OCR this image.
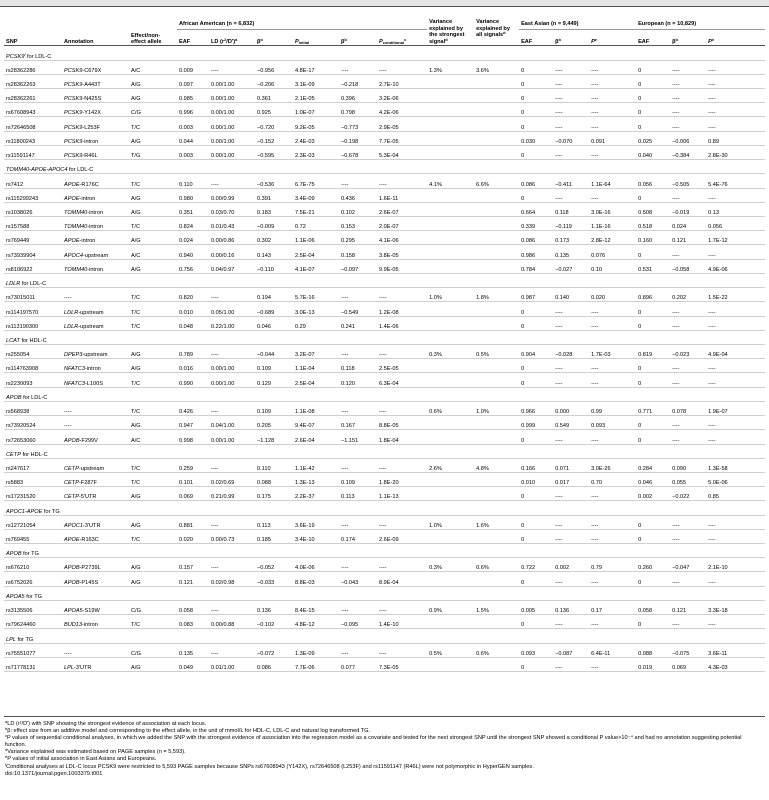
			African American (n = 6,832)						Variance explained by the strongest signal$^d$	Variance explained by all signals$^d$	East Asian (n = 9,449)			European (n = 10,829)		
SNP	Annotation	Effect/non-effect allele	EAF	LD $(r^2/D')^a$	$\beta^b$	$P_{initial}$	$\beta^b$	$P_{conditional}^c$			EAF	$\beta^b$	$P^e$	EAF	$\beta^b$	$P^e$
PCSK9$^f$ for LDL-C																
rs28362286	PCSK9-C679X	A/C	0.009	----	−0.956	4.8E-17	----	----	1.3%	3.6%	0	----	----	0	----	----
rs28362263	PCSK9-A443T	A/G	0.097	0.00/1.00	−0.206	3.1E-09	−0.218	2.7E-10			0	----	----	0	----	----
rs28362261	PCSK9-N425S	A/G	0.985	0.00/1.00	0.361	2.1E-05	0.396	3.2E-06			0	----	----	0	----	----
rs67608943	PCSK9-Y142X	C/G	0.996	0.00/1.00	0.925	1.0E-07	0.798	4.2E-06			0	----	----	0	----	----
rs72646508	PCSK9-L253F	T/C	0.003	0.00/1.00	−0.720	9.2E-05	−0.773	2.9E-05			0	----	----	0	----	----
rs11800243	PCSK9-intron	A/G	0.044	0.00/1.00	−0.152	2.4E-03	−0.198	7.7E-05			0.030	−0.070	0.091	0.025	−0.006	0.89
rs11591147	PCSK9-R46L	T/G	0.003	0.00/1.00	−0.595	2.3E-03	−0.678	5.3E-04			0	----	----	0.040	−0.384	2.8E-30
TOMM40-APOE-APOC4 for LDL-C																
rs7412	APOE-R176C	T/C	0.110	----	−0.536	6.7E-75	----	----	4.1%	6.6%	0.086	−0.411	1.1E-64	0.056	−0.505	5.4E-76
rs115299243	APOE-intron	A/G	0.980	0.00/0.99	0.391	3.4E-09	0.436	1.6E-11			0	----	----	0	----	----
rs1038026	TOMM40-intron	A/G	0.351	0.03/0.70	0.183	7.5E-21	0.102	2.6E-07			0.664	0.118	3.0E-16	0.508	−0.019	0.13
rs157588	TOMM40-intron	T/C	0.824	0.01/0.43	−0.009	0.72	0.153	2.0E-07			0.339	−0.119	1.1E-16	0.518	0.024	0.056
rs769449	APOE-intron	A/G	0.024	0.00/0.86	0.302	1.1E-06	0.295	4.1E-06			0.086	0.173	2.8E-12	0.160	0.121	1.7E-12
rs73939904	APOC4-upstream	A/C	0.940	0.00/0.16	0.143	2.5E-04	0.158	3.8E-05			0.986	0.135	0.076	0	----	----
rs8106922	TOMM40-intron	A/G	0.756	0.04/0.97	−0.110	4.1E-07	−0.097	9.9E-05			0.784	−0.027	0.10	0.531	−0.058	4.9E-06
LDLR for LDL-C																
rs73015011	----	T/C	0.820	----	0.194	5.7E-16	----	----	1.0%	1.8%	0.987	0.140	0.020	0.896	0.202	1.5E-22
rs114197570	LDLR-upstream	T/C	0.010	0.05/1.00	−0.689	3.0E-13	−0.549	1.2E-08			0	----	----	0	----	----
rs113190300	LDLR-upstream	T/C	0.048	0.22/1.00	0.046	0.29	0.241	1.4E-06			0	----	----	0	----	----
LCAT for HDL-C																
rs255054	DPEP3-upstream	A/G	0.789	----	−0.044	3.2E-07	----	----	0.3%	0.5%	0.904	−0.028	1.7E-03	0.819	−0.023	4.9E-04
rs114763908	NFATC3-intron	A/G	0.016	0.00/1.00	0.109	1.1E-04	0.118	2.5E-05			0	----	----	0	----	----
rs2230093	NFATC3-L100S	T/C	0.990	0.00/1.00	0.129	2.5E-04	0.120	6.3E-04			0	----	----	0	----	----
APOB for LDL-C																
rs568938	----	T/C	0.426	----	0.109	1.1E-08	----	----	0.6%	1.0%	0.966	0.000	0.99	0.771	0.078	1.9E-07
rs73920524	----	A/G	0.947	0.04/1.00	0.205	9.4E-07	0.167	8.8E-05			0.999	0.549	0.093	0	----	----
rs72653060	APOB-F299V	A/C	0.998	0.00/1.00	−1.128	2.6E-04	−1.151	1.8E-04			0	----	----	0	----	----
CETP for HDL-C																
rs247617	CETP-upstream	T/C	0.259	----	0.110	1.1E-42	----	----	2.6%	4.8%	0.166	0.071	3.0E-26	0.284	0.090	1.3E-58
rs5883	CETP-F287F	T/C	0.101	0.02/0.69	0.088	1.3E-13	0.109	1.8E-20			0.010	0.017	0.70	0.046	0.055	5.0E-06
rs17231520	CETP-5′UTR	A/G	0.069	0.21/0.99	0.175	2.2E-37	0.113	1.1E-13			0	----	----	0.002	−0.022	0.85
APOC1-APOE for TG																
rs12721054	APOC1-3′UTR	A/G	0.881	----	0.113	3.6E-19	----	----	1.0%	1.6%	0	----	----	0	----	----
rs769455	APOE-R163C	T/C	0.020	0.00/0.73	0.185	3.4E-10	0.174	2.6E-09			0	----	----	0	----	----
APOB for TG																
rs676210	APOB-P2739L	A/G	0.157	----	−0.052	4.0E-06	----	----	0.3%	0.6%	0.722	0.002	0.79	0.260	−0.047	2.1E-10
rs6752026	APOB-P145S	A/G	0.121	0.02/0.98	−0.033	8.8E-03	−0.043	8.9E-04			0	----	----	0	----	----
APOA5 for TG																
rs3135506	APOA5-S19W	C/G	0.058	----	0.136	8.4E-15	----	----	0.9%	1.5%	0.005	0.136	0.17	0.058	0.121	3.3E-18
rs79624460	BUD13-intron	T/C	0.083	0.00/0.88	−0.102	4.8E-12	−0.095	1.4E-10			0	----	----	0	----	----
LPL for TG																
rs75551077	----	C/G	0.135	----	−0.072	1.3E-09	----	----	0.5%	0.6%	0.093	−0.087	6.4E-11	0.088	−0.075	3.6E-11
rs71778131	LPL-3′UTR	A/G	0.049	0.01/1.00	0.086	7.7E-06	0.077	7.3E-05			0	----	----	0.019	0.069	4.3E-03
$^a$LD (r²/D′) with SNP showing the strongest evidence of association at each locus.
$^b$β: effect size from an additive model and corresponding to the effect allele, in the unit of mmol/L for HDL-C, LDL-C and natural log transformed TG.
$^c$P values of sequential conditional analyses, in which we added the SNP with the strongest evidence of association into the regression model as a covariate and tested for the next strongest SNP until the strongest SNP showed a conditional P value>10⁻⁴ and had no annotation suggesting potential function.
$^d$Variance explained was estimated based on PAGE samples (n = 5,593).
$^e$P values of initial association in East Asians and Europeans.
$^f$Conditional analyses at LDL-C locus PCSK9 were restricted to 5,593 PAGE samples because SNPs rs67608943 (Y142X), rs72646508 (L253F) and rs11591147 (R46L) were not polymorphic in HyperGEN samples.
doi:10.1371/journal.pgen.1003379.t001
